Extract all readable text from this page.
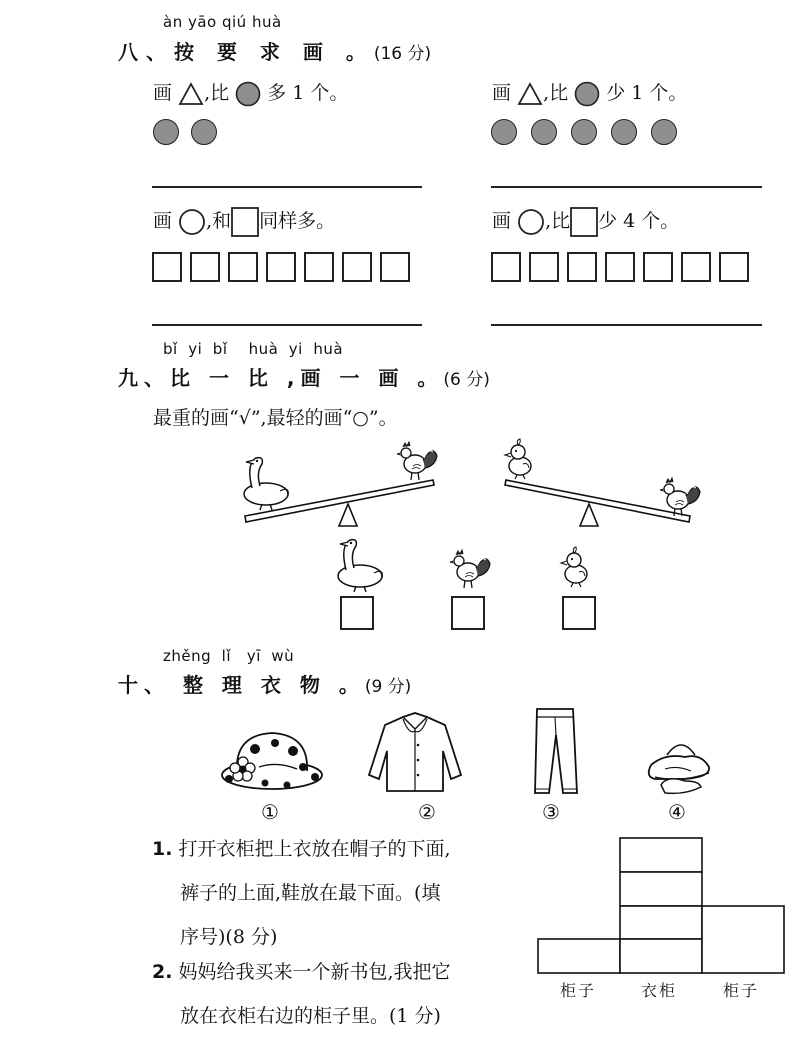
àn yāo qiú huà
八、按 要 求 画 。(16 分)
画 ,比 多 1 个。	画 ,比 少 1 个。
画 ,和 同样多。	画 ,比 少 4 个。
bǐ  yi  bǐ    huà  yi  huà
九、比 一 比 ,画 一 画 。(6 分)
最重的画“√”,最轻的画“○”。
zhěng  lǐ   yī  wù
十、 整 理 衣 物 。(9 分)
①	②	③	④
1. 打开衣柜把上衣放在帽子的下面,
裤子的上面,鞋放在最下面。(填
序号)(8 分)
2. 妈妈给我买来一个新书包,我把它
放在衣柜右边的柜子里。(1 分)
柜子	衣柜	柜子
